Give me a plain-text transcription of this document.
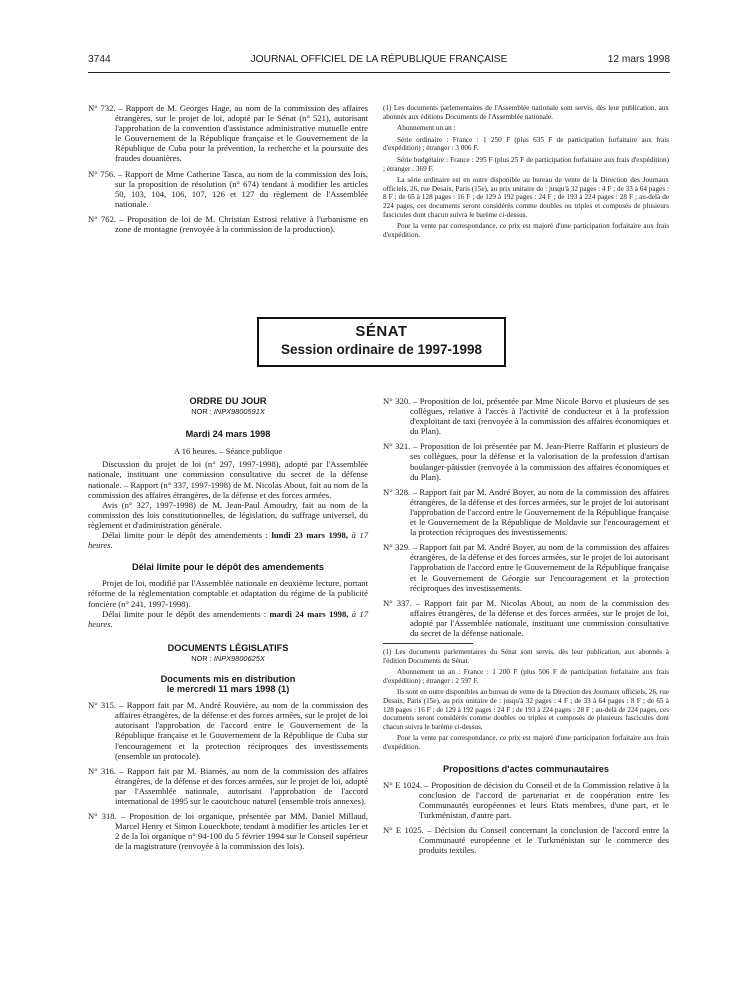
3744	JOURNAL OFFICIEL DE LA RÉPUBLIQUE FRANÇAISE	12 mars 1998

N° 732. – Rapport de M. Georges Hage, au nom de la commission des affaires étrangères, sur le projet de loi, adopté par le Sénat (n° 521), autorisant l'approbation de la convention d'assistance administrative mutuelle entre le Gouvernement de la République française et le Gouvernement de la République de Cuba pour la prévention, la recherche et la poursuite des fraudes douanières.

N° 756. – Rapport de Mme Catherine Tasca, au nom de la commission des lois, sur la proposition de résolution (n° 674) tendant à modifier les articles 50, 103, 104, 106, 107, 126 et 127 du règlement de l'Assemblée nationale.

N° 762. – Proposition de loi de M. Christian Estrosi relative à l'urbanisme en zone de montagne (renvoyée à la commission de la production).

(1) Les documents parlementaires de l'Assemblée nationale sont servis, dès leur publication, aux abonnés aux éditions Documents de l'Assemblée nationale.

Abonnement un an :

Série ordinaire : France : 1 250 F (plus 635 F de participation forfaitaire aux frais d'expédition) ; étranger : 3 006 F.

Série budgétaire : France : 295 F (plus 25 F de participation forfaitaire aux frais d'expédition) ; étranger : 369 F.

La série ordinaire est en outre disponible au bureau de vente de la Direction des Journaux officiels, 26, rue Desaix, Paris (15e), au prix unitaire de : jusqu'à 32 pages : 4 F ; de 33 à 64 pages : 8 F ; de 65 à 128 pages : 16 F ; de 129 à 192 pages : 24 F ; de 193 à 224 pages : 28 F ; au-delà de 224 pages, ces documents seront considérés comme doubles ou triples et composés de plusieurs fascicules dont chacun suivra le barème ci-dessus.

Pour la vente par correspondance, ce prix est majoré d'une participation forfaitaire aux frais d'expédition.

SÉNAT
Session ordinaire de 1997-1998

ORDRE DU JOUR

NOR : INPX9800591X

Mardi 24 mars 1998

A 16 heures. – Séance publique

Discussion du projet de loi (n° 297, 1997-1998), adopté par l'Assemblée nationale, instituant une commission consultative du secret de la défense nationale. – Rapport (n° 337, 1997-1998) de M. Nicolas About, fait au nom de la commission des affaires étrangères, de la défense et des forces armées.

Avis (n° 327, 1997-1998) de M. Jean-Paul Amoudry, fait au nom de la commission des lois constitutionnelles, de législation, du suffrage universel, du règlement et d'administration générale.

Délai limite pour le dépôt des amendements : lundi 23 mars 1998, à 17 heures.

Délai limite pour le dépôt des amendements

Projet de loi, modifié par l'Assemblée nationale en deuxième lecture, portant réforme de la réglementation comptable et adaptation du régime de la publicité foncière (n° 241, 1997-1998).

Délai limite pour le dépôt des amendements : mardi 24 mars 1998, à 17 heures.

DOCUMENTS LÉGISLATIFS

NOR : INPX9800625X

Documents mis en distribution

le mercredi 11 mars 1998 (1)

N° 315. – Rapport fait par M. André Rouvière, au nom de la commission des affaires étrangères, de la défense et des forces armées, sur le projet de loi autorisant l'approbation de l'accord entre le Gouvernement de la République française et le Gouvernement de la République de Cuba sur l'encouragement et la protection réciproques des investissements (ensemble un protocole).

N° 316. – Rapport fait par M. Biarnès, au nom de la commission des affaires étrangères, de la défense et des forces armées, sur le projet de loi, adopté par l'Assemblée nationale, autorisant l'approbation de l'accord international de 1995 sur le caoutchouc naturel (ensemble trois annexes).

N° 318. – Proposition de loi organique, présentée par MM. Daniel Millaud, Marcel Henry et Simon Loueckhote, tendant à modifier les articles 1er et 2 de la loi organique n° 94-100 du 5 février 1994 sur le Conseil supérieur de la magistrature (renvoyée à la commission des lois).

N° 320. – Proposition de loi, présentée par Mme Nicole Borvo et plusieurs de ses collègues, relative à l'accès à l'activité de conducteur et à la profession d'exploitant de taxi (renvoyée à la commission des affaires économiques et du Plan).

N° 321. – Proposition de loi présentée par M. Jean-Pierre Raffarin et plusieurs de ses collègues, pour la défense et la valorisation de la profession d'artisan boulanger-pâtissier (renvoyée à la commission des affaires économiques et du Plan).

N° 328. – Rapport fait par M. André Boyer, au nom de la commission des affaires étrangères, de la défense et des forces armées, sur le projet de loi autorisant l'approbation de l'accord entre le Gouvernement de la République française et le Gouvernement de la République de Moldavie sur l'encouragement et la protection réciproques des investissements.

N° 329. – Rapport fait par M. André Boyer, au nom de la commission des affaires étrangères, de la défense et des forces armées, sur le projet de loi autorisant l'approbation de l'accord entre le Gouvernement de la République française et le Gouvernement de Géorgie sur l'encouragement et la protection réciproques des investissements.

N° 337. – Rapport fait par M. Nicolas About, au nom de la commission des affaires étrangères, de la défense et des forces armées, sur le projet de loi, adopté par l'Assemblée nationale, instituant une commission consultative du secret de la défense nationale.

(1) Les documents parlementaires du Sénat sont servis, dès leur publication, aux abonnés à l'édition Documents du Sénat.

Abonnement un an : France : 1 200 F (plus 506 F de participation forfaitaire aux frais d'expédition) ; étranger : 2 597 F.

Ils sont en outre disponibles au bureau de vente de la Direction des Journaux officiels, 26, rue Desaix, Paris (15e), au prix unitaire de : jusqu'à 32 pages : 4 F ; de 33 à 64 pages : 8 F ; de 65 à 128 pages : 16 F ; de 129 à 192 pages : 24 F ; de 193 à 224 pages : 28 F ; au-delà de 224 pages, ces documents seront considérés comme doubles ou triples et composés de plusieurs fascicules dont chacun suivra le barème ci-dessus.

Pour la vente par correspondance, ce prix est majoré d'une participation forfaitaire aux frais d'expédition.

Propositions d'actes communautaires

N° E 1024. – Proposition de décision du Conseil et de la Commission relative à la conclusion de l'accord de partenariat et de coopération entre les Communautés européennes et leurs Etats membres, d'une part, et le Turkménistan, d'autre part.

N° E 1025. – Décision du Conseil concernant la conclusion de l'accord entre la Communauté européenne et le Turkménistan sur le commerce des produits textiles.
